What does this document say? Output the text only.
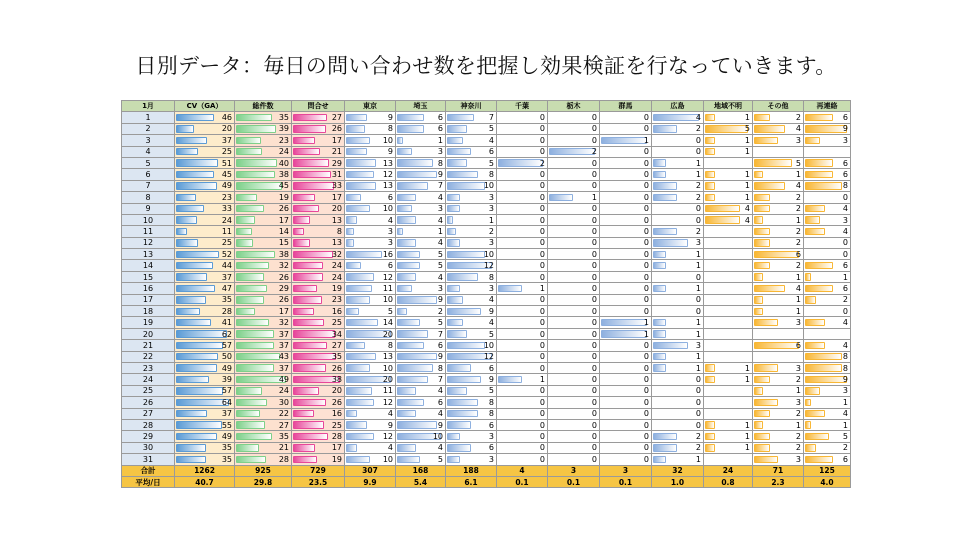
日別データ：毎日の問い合わせ数を把握し効果検証を行なっていきます。
1月	CV（GA）	総件数	問合せ	東京	埼玉	神奈川	千葉	栃木	群馬	広島	地域不明	その他	再連絡
1	46	35	27	9	6	7	0	0	0	4	1	2	6
2	20	39	26	8	6	5	0	0	0	2	5	4	9
3	37	23	17	10	1	4	0	0	1	0	1	3	3
4	25	24	21	9	3	6	0	2	0	0	1		
5	51	40	29	13	8	5	2	0	0	1		5	6
6	45	38	31	12	9	8	0	0	0	1	1	1	6
7	49	45	33	13	7	10	0	0	0	2	1	4	8
8	23	19	17	6	4	3	0	1	0	2	1	2	0
9	33	26	20	10	3	3	0	0	0	0	4	2	4
10	24	17	13	4	4	1	0	0	0	0	4	1	3
11	11	14	8	3	1	2	0	0	0	2		2	4
12	25	15	13	3	4	3	0	0	0	3		2	0
13	52	38	32	16	5	10	0	0	0	1		6	0
14	44	32	24	6	5	12	0	0	0	1		2	6
15	37	26	24	12	4	8	0	0	0	0		1	1
16	47	29	19	11	3	3	1	0	0	1		4	6
17	35	26	23	10	9	4	0	0	0	0		1	2
18	28	17	16	5	2	9	0	0	0	0		1	0
19	41	32	25	14	5	4	0	0	1	1		3	4
20	62	37	34	20	7	5	0	0	1	1			
21	57	37	27	8	6	10	0	0	0	3		6	4
22	50	43	35	13	9	12	0	0	0	1			8
23	49	37	26	10	8	6	0	0	0	1	1	3	8
24	39	49	38	20	7	9	1	0	0	0	1	2	9
25	57	24	20	11	4	5	0	0	0	0		1	3
26	64	30	26	12	6	8	0	0	0	0		3	1
27	37	22	16	4	4	8	0	0	0	0		2	4
28	55	27	25	9	9	6	0	0	0	0	1	1	1
29	49	35	28	12	10	3	0	0	0	2	1	2	5
30	35	21	17	4	4	6	0	0	0	2	1	2	2
31	35	28	19	10	5	3	0	0	0	1		3	6
合計	1262	925	729	307	168	188	4	3	3	32	24	71	125
平均/日	40.7	29.8	23.5	9.9	5.4	6.1	0.1	0.1	0.1	1.0	0.8	2.3	4.0
